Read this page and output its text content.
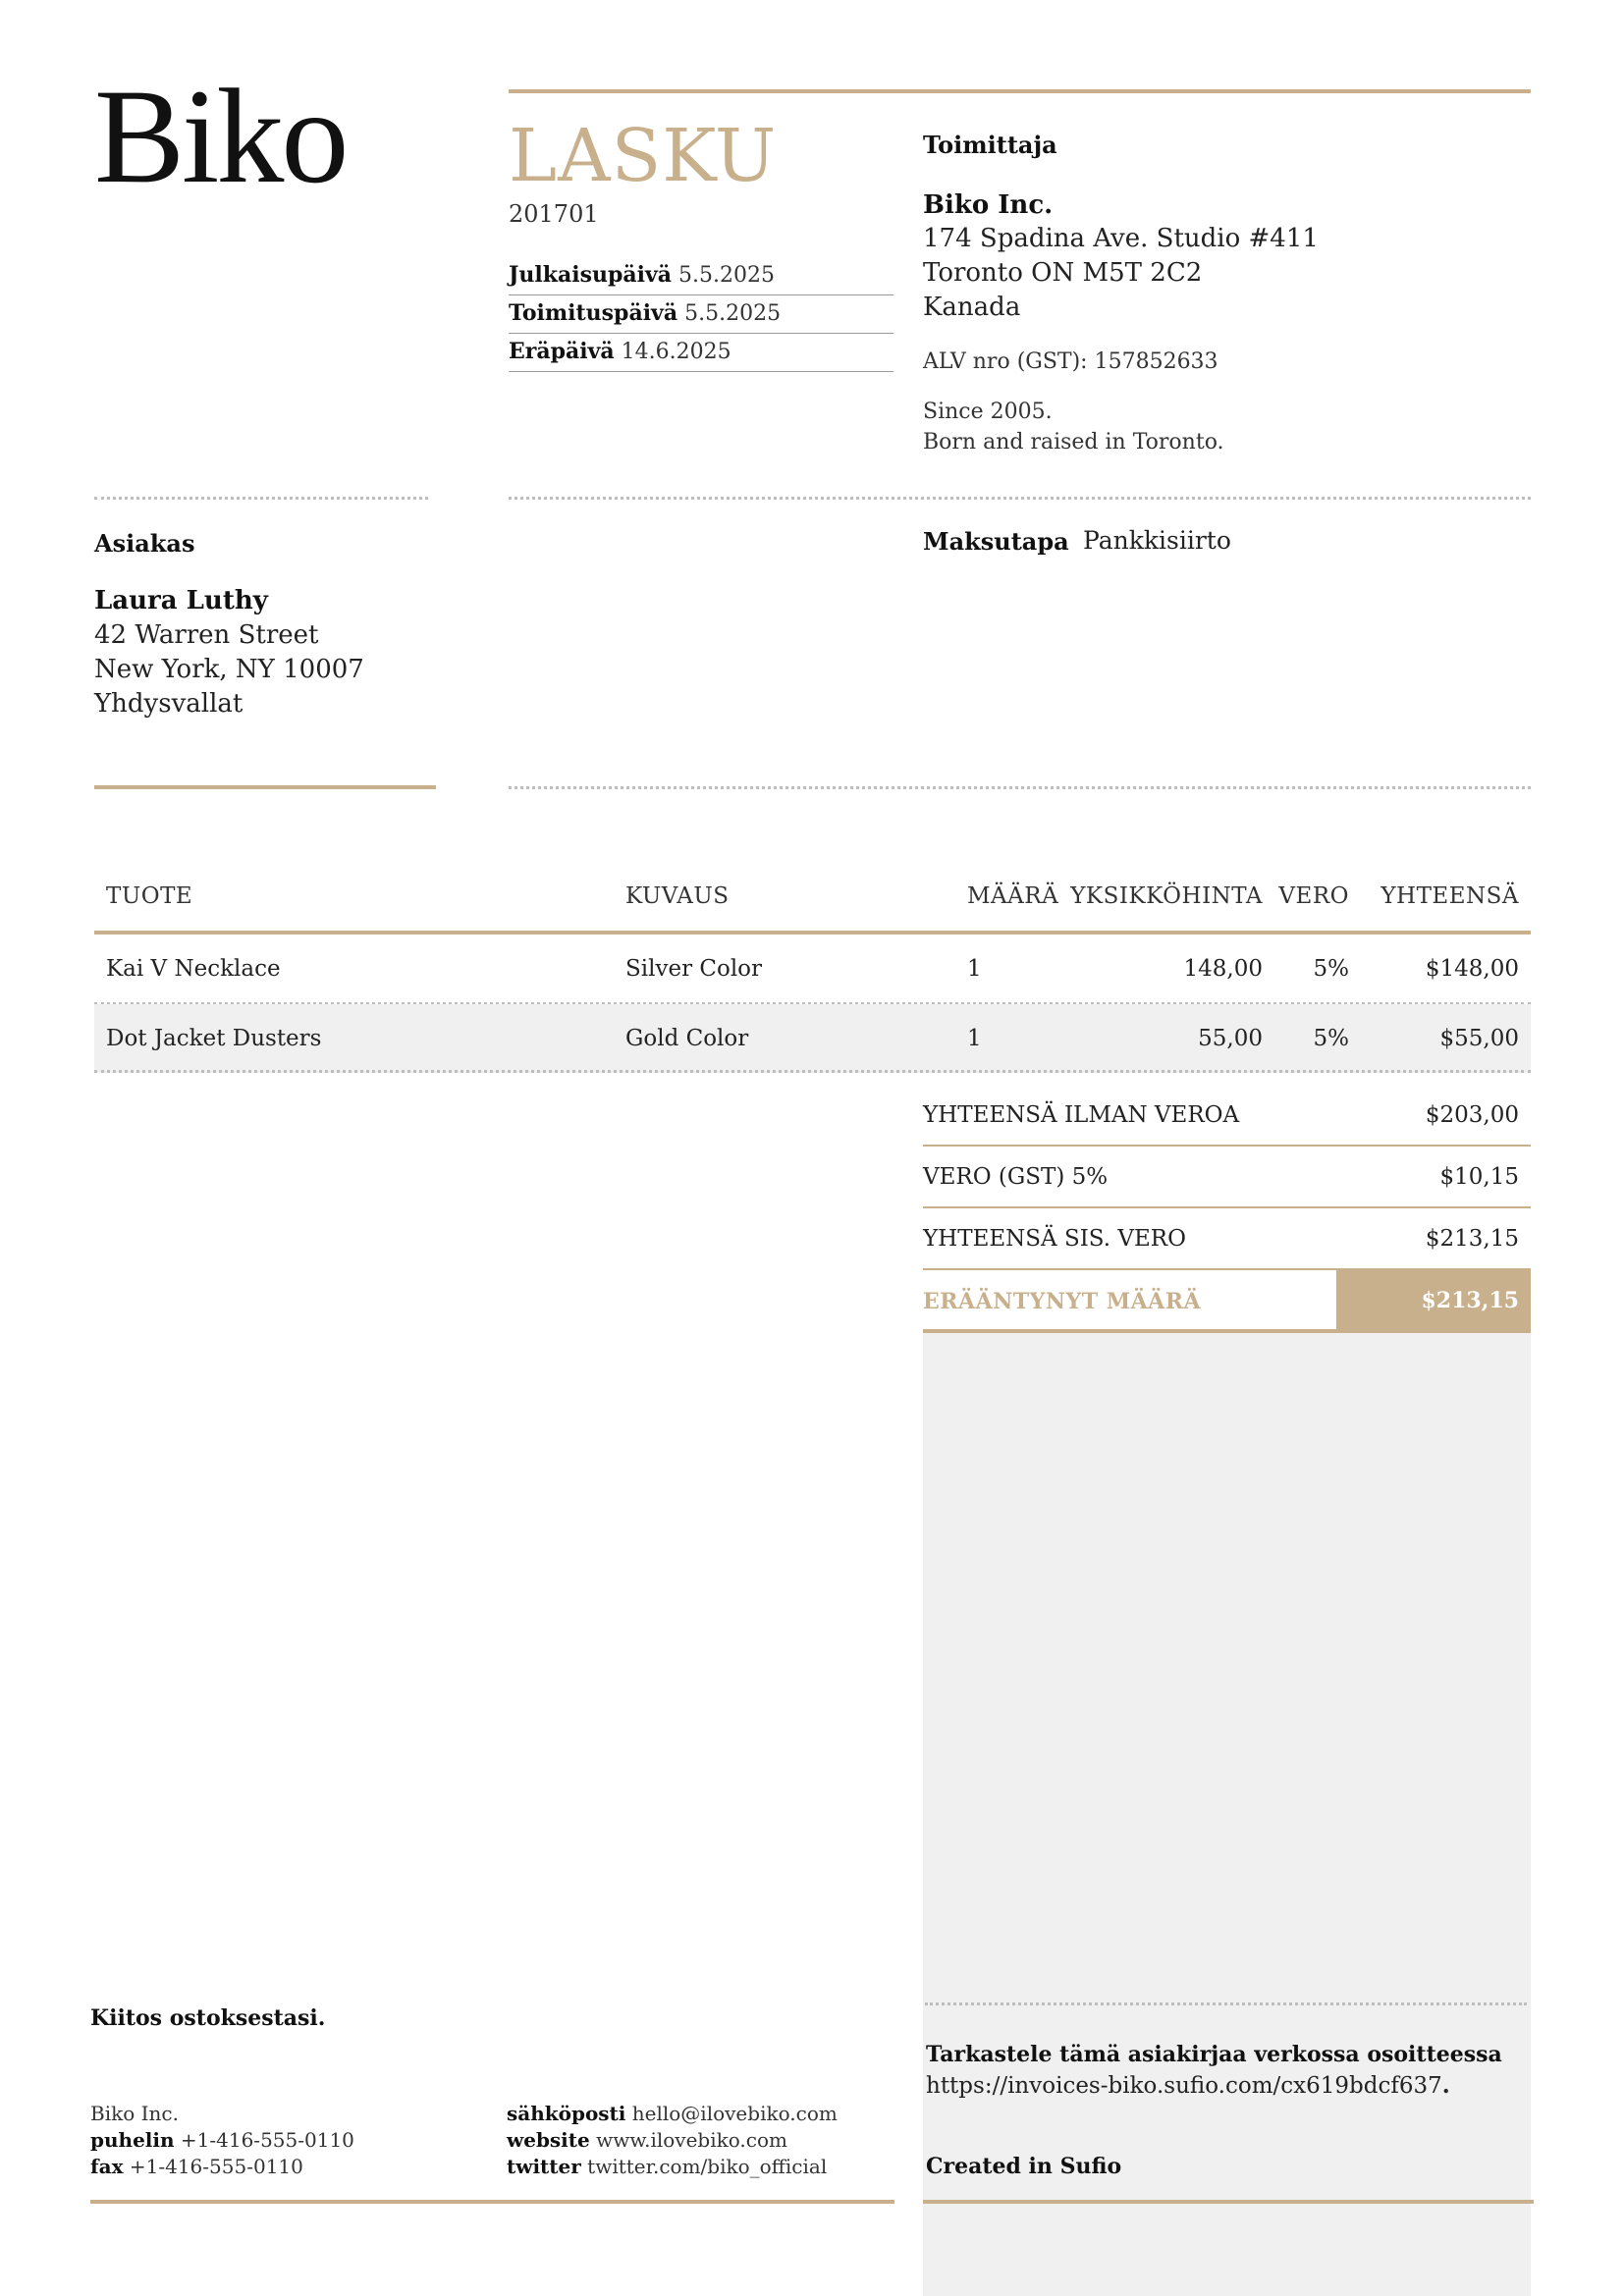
Biko LASKU
201701
Julkaisupäivä 5.5.2025
Toimituspäivä 5.5.2025
Eräpäivä 14.6.2025
Toimittaja
Biko Inc.
174 Spadina Ave. Studio #411
Toronto ON M5T 2C2
Kanada
ALV nro (GST): 157852633
Since 2005.
Born and raised in Toronto.
Asiakas
Laura Luthy
42 Warren Street
New York, NY 10007
Yhdysvallat
Maksutapa Pankkisiirto
TUOTE	KUVAUS	MÄÄRÄ YKSIKKÖHINTA VERO	YHTEENSÄ
Kai V Necklace	Silver Color	1	148,00	5%	$148,00
Dot Jacket Dusters	Gold Color	1	55,00	5%	$55,00
YHTEENSÄ ILMAN VEROA	$203,00
VERO (GST) 5%	$10,15
YHTEENSÄ SIS. VERO	$213,15
ERÄÄNTYNYT MÄÄRÄ	$213,15
Tarkastele tämä asiakirjaa verkossa osoitteessa
https://invoices-biko.sufio.com/cx619bdcf637.
Created in Sufio
Kiitos ostoksestasi.
Biko Inc.
puhelin +1-416-555-0110
fax +1-416-555-0110
sähköposti hello@ilovebiko.com
website www.ilovebiko.com
twitter twitter.com/biko_official
